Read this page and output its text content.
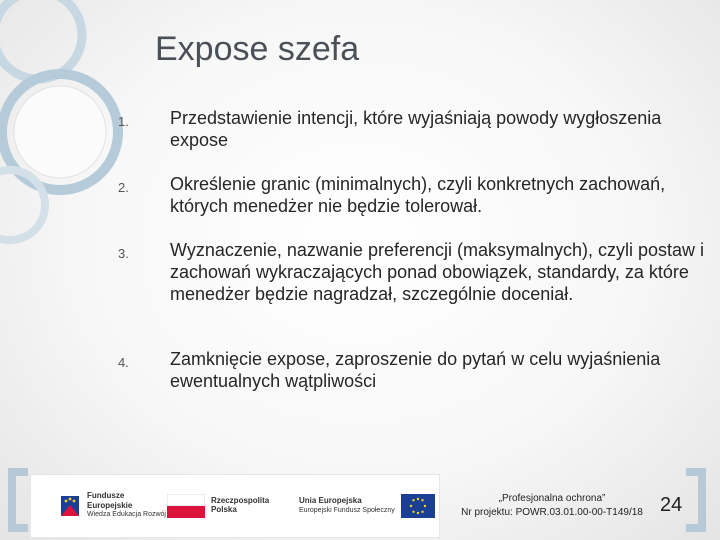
Expose szefa
1.	Przedstawienie intencji, które wyjaśniają powody wygłoszenia expose
2.	Określenie granic (minimalnych), czyli konkretnych zachowań, których menedżer nie będzie tolerował.
3.	Wyznaczenie, nazwanie preferencji (maksymalnych), czyli postaw i zachowań wykraczających ponad obowiązek, standardy, za które menedżer będzie nagradzał, szczególnie doceniał.
4.	Zamknięcie expose, zaproszenie do pytań w celu wyjaśnienia ewentualnych wątpliwości
Fundusze
Europejskie
Wiedza Edukacja Rozwój
Rzeczpospolita
Polska
Unia Europejska
Europejski Fundusz Społeczny
„Profesjonalna ochrona”
Nr projektu: POWR.03.01.00-00-T149/18 24
